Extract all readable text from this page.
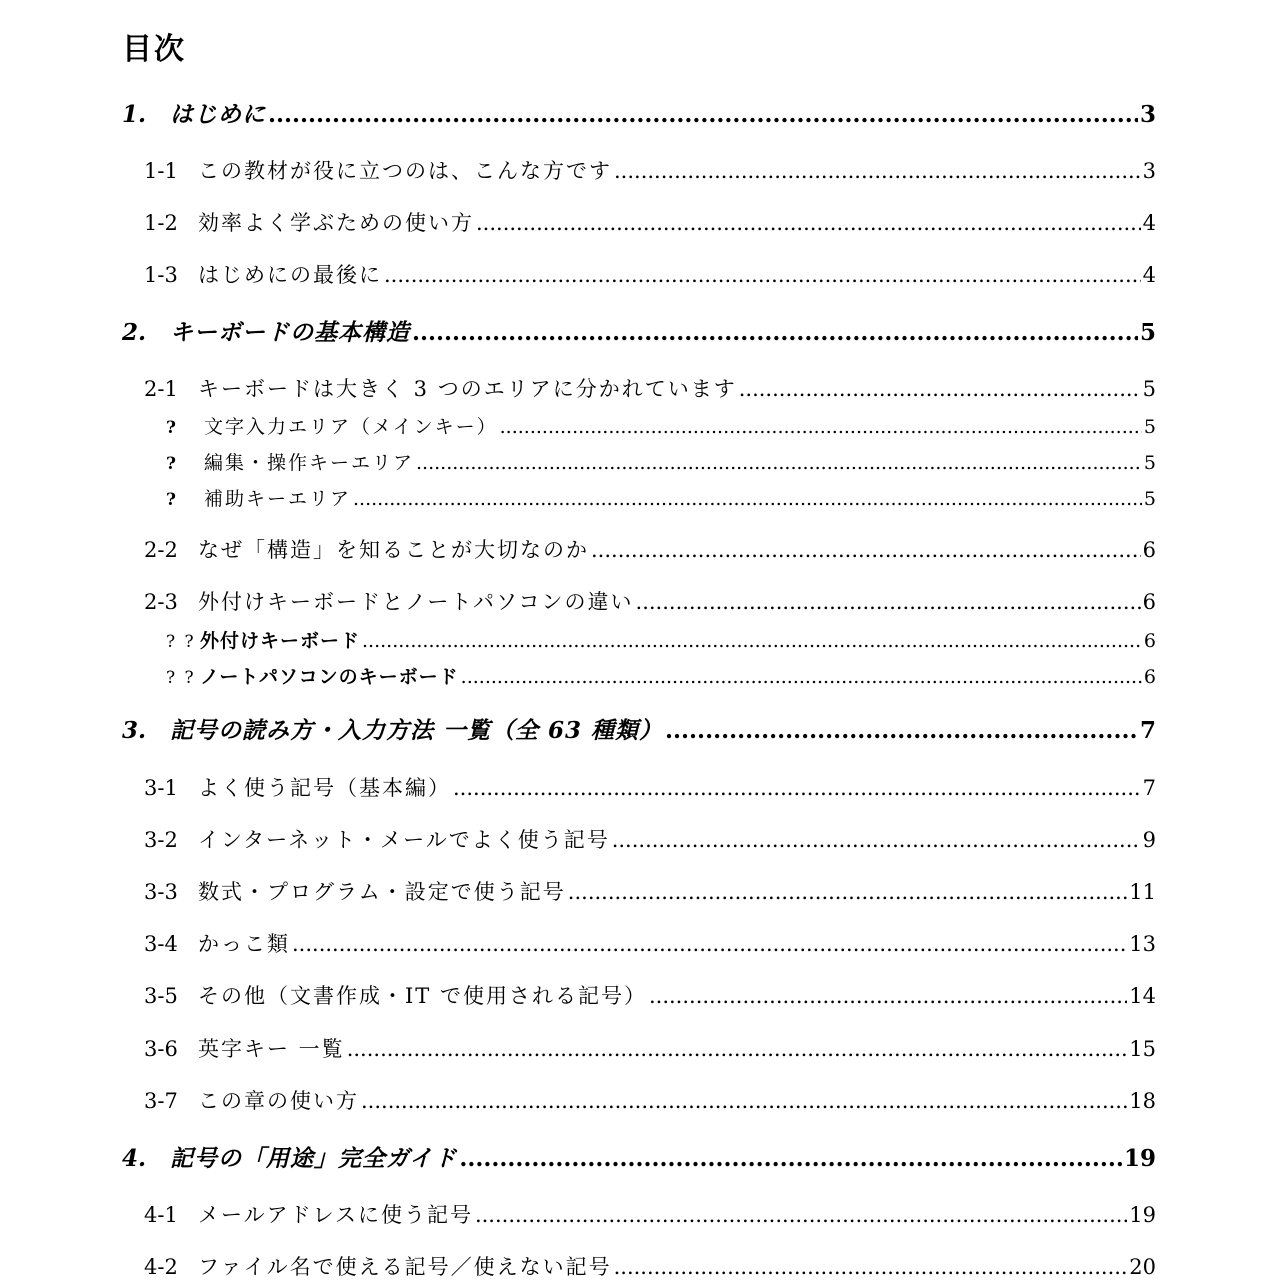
目次
1.	はじめに .....	3
1-1 この教材が役に立つのは、こんな方です .....	3
1-2 効率よく学ぶための使い方 .....	4
1-3 はじめにの最後に .....	4
2.	キーボードの基本構造 .....	5
2-1 キーボードは大きく 3 つのエリアに分かれています .....	5
?	文字入力エリア（メインキー） .....	5
?	編集・操作キーエリア .....	5
?	補助キーエリア .....	5
2-2 なぜ「構造」を知ることが大切なのか .....	6
2-3 外付けキーボードとノートパソコンの違い .....	6
? ? 外付けキーボード .....	6
? ? ノートパソコンのキーボード .....	6
3.	記号の読み方・入力方法 一覧（全 63 種類） .....	7
3-1 よく使う記号（基本編） .....	7
3-2 インターネット・メールでよく使う記号 .....	9
3-3 数式・プログラム・設定で使う記号 .....	11
3-4 かっこ類 .....	13
3-5 その他（文書作成・IT で使用される記号） .....	14
3-6 英字キー 一覧 .....	15
3-7 この章の使い方 .....	18
4.	記号の「用途」完全ガイド .....	19
4-1 メールアドレスに使う記号 .....	19
4-2 ファイル名で使える記号／使えない記号 .....	20
